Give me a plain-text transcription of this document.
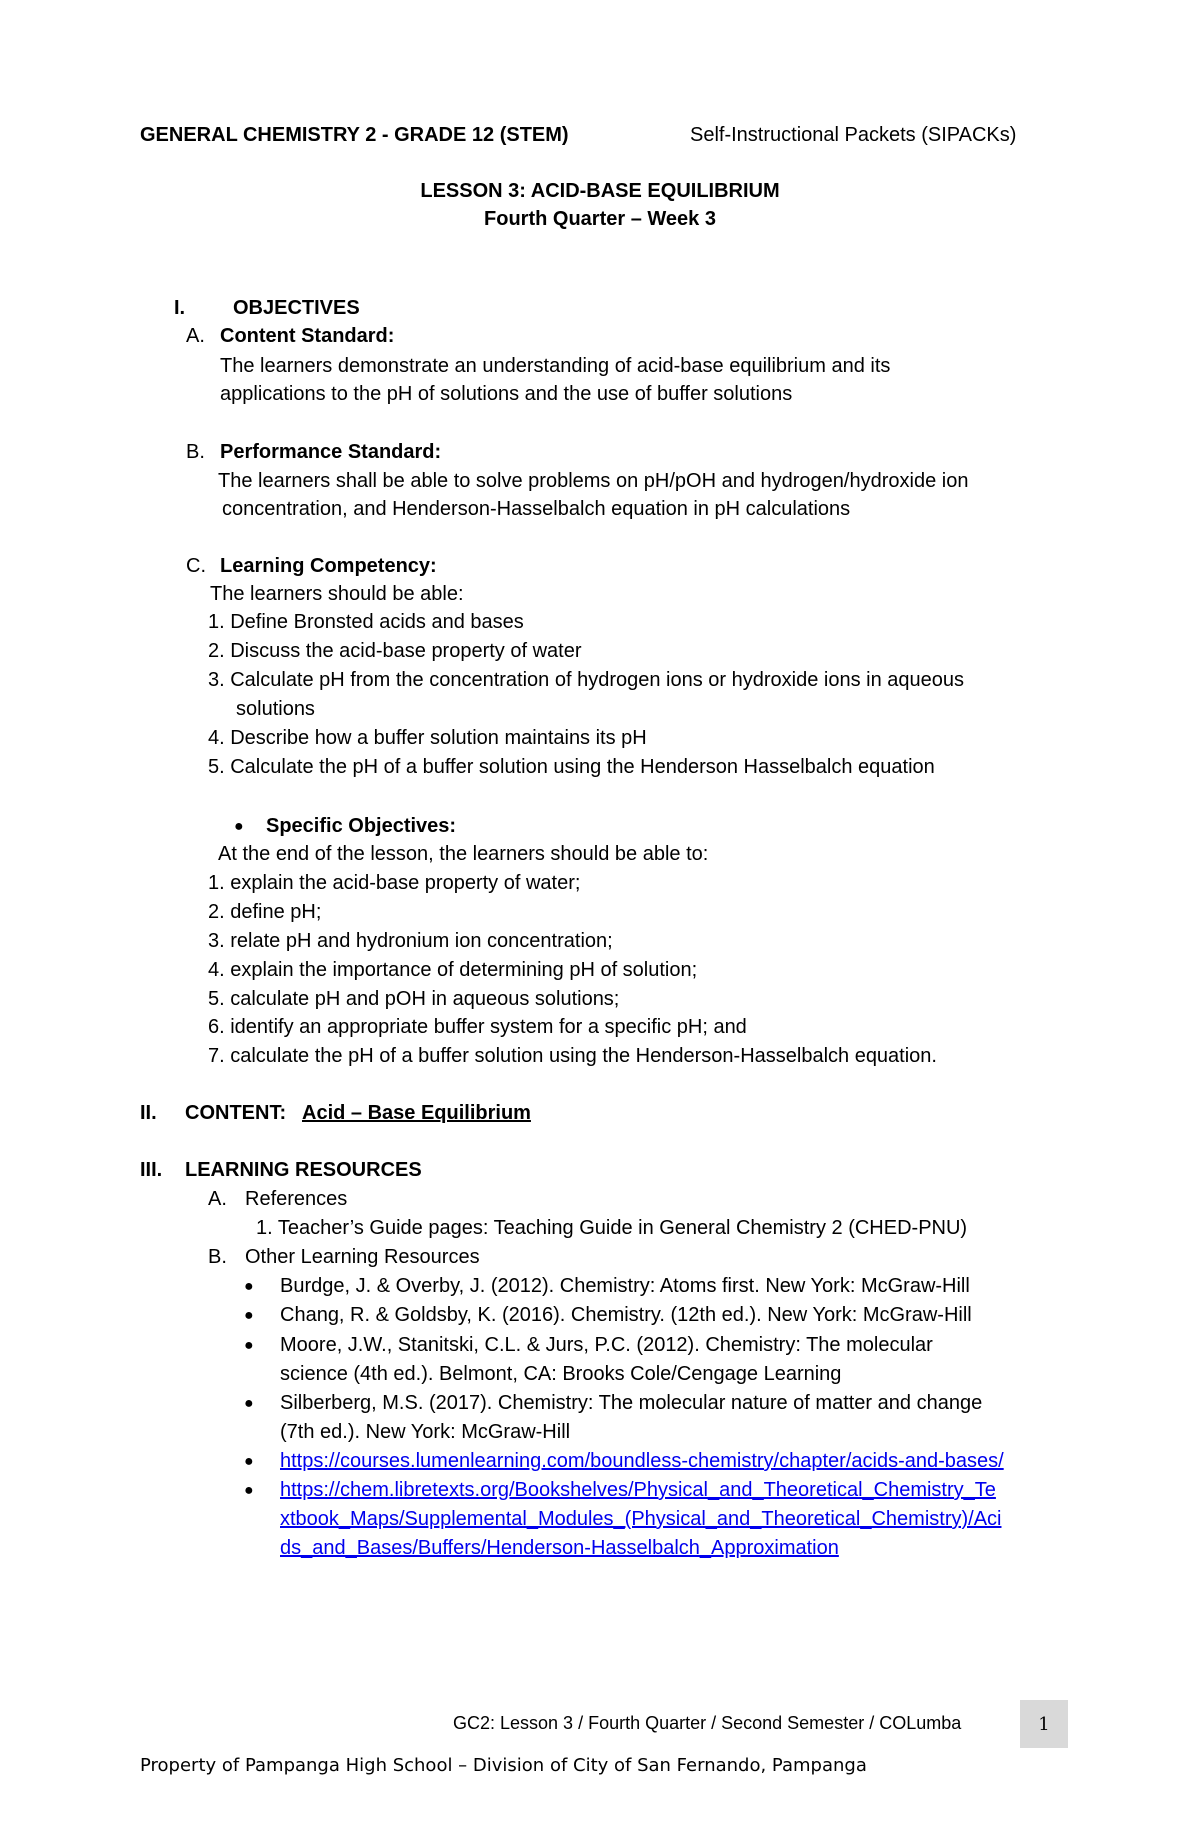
GENERAL CHEMISTRY 2 - GRADE 12 (STEM)	Self-Instructional Packets (SIPACKs)
LESSON 3: ACID-BASE EQUILIBRIUM
Fourth Quarter – Week 3
I. OBJECTIVES
A. Content Standard:
The learners demonstrate an understanding of acid-base equilibrium and its
applications to the pH of solutions and the use of buffer solutions
B. Performance Standard:
The learners shall be able to solve problems on pH/pOH and hydrogen/hydroxide ion
concentration, and Henderson-Hasselbalch equation in pH calculations
C. Learning Competency:
The learners should be able:
1. Define Bronsted acids and bases
2. Discuss the acid-base property of water
3. Calculate pH from the concentration of hydrogen ions or hydroxide ions in aqueous
solutions
4. Describe how a buffer solution maintains its pH
5. Calculate the pH of a buffer solution using the Henderson Hasselbalch equation
● Specific Objectives:
At the end of the lesson, the learners should be able to:
1. explain the acid-base property of water;
2. define pH;
3. relate pH and hydronium ion concentration;
4. explain the importance of determining pH of solution;
5. calculate pH and pOH in aqueous solutions;
6. identify an appropriate buffer system for a specific pH; and
7. calculate the pH of a buffer solution using the Henderson-Hasselbalch equation.
II. CONTENT: Acid – Base Equilibrium
III. LEARNING RESOURCES
A. References
1. Teacher’s Guide pages: Teaching Guide in General Chemistry 2 (CHED-PNU)
B. Other Learning Resources
● Burdge, J. & Overby, J. (2012). Chemistry: Atoms first. New York: McGraw-Hill
● Chang, R. & Goldsby, K. (2016). Chemistry. (12th ed.). New York: McGraw-Hill
● Moore, J.W., Stanitski, C.L. & Jurs, P.C. (2012). Chemistry: The molecular
science (4th ed.). Belmont, CA: Brooks Cole/Cengage Learning
● Silberberg, M.S. (2017). Chemistry: The molecular nature of matter and change
(7th ed.). New York: McGraw-Hill
● https://courses.lumenlearning.com/boundless-chemistry/chapter/acids-and-bases/
● https://chem.libretexts.org/Bookshelves/Physical_and_Theoretical_Chemistry_Te
xtbook_Maps/Supplemental_Modules_(Physical_and_Theoretical_Chemistry)/Aci
ds_and_Bases/Buffers/Henderson-Hasselbalch_Approximation
GC2: Lesson 3 / Fourth Quarter / Second Semester / COLumba	1
Property of Pampanga High School – Division of City of San Fernando, Pampanga
